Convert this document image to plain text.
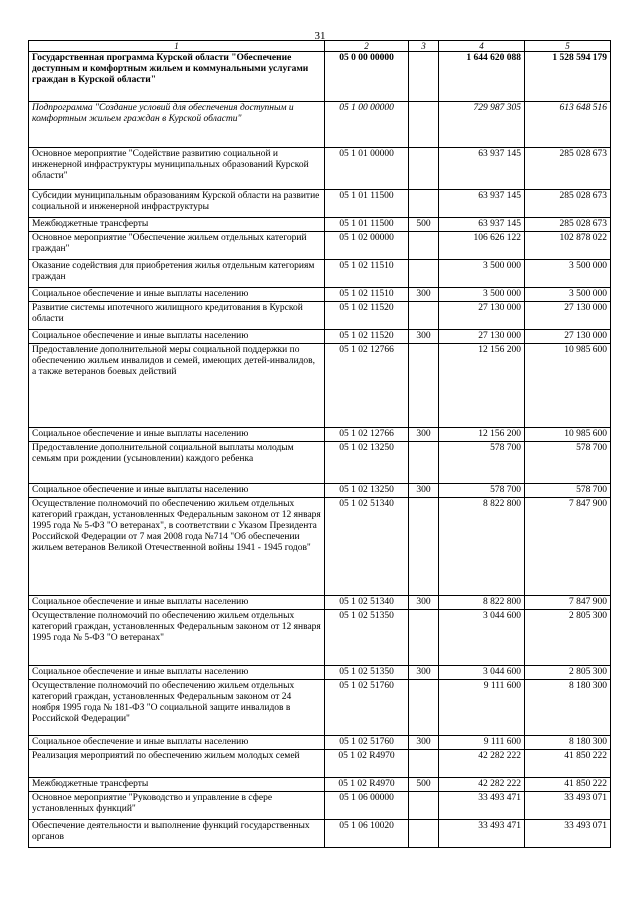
31
1	2	3	4	5
Государственная программа Курской области "Обеспечение доступным и комфортным жильем и коммунальными услугами граждан в Курской области"	05 0 00 00000		1 644 620 088	1 528 594 179
Подпрограмма "Создание условий для обеспечения доступным и комфортным жильем граждан в Курской области"	05 1 00 00000		729 987 305	613 648 516
Основное мероприятие "Содействие развитию социальной и инженерной инфраструктуры муниципальных образований Курской области"	05 1 01 00000		63 937 145	285 028 673
Субсидии муниципальным образованиям Курской области на развитие социальной и инженерной инфраструктуры	05 1 01 11500		63 937 145	285 028 673
Межбюджетные трансферты	05 1 01 11500	500	63 937 145	285 028 673
Основное мероприятие "Обеспечение жильем отдельных категорий граждан"	05 1 02 00000		106 626 122	102 878 022
Оказание содействия для приобретения жилья отдельным категориям граждан	05 1 02 11510		3 500 000	3 500 000
Социальное обеспечение и иные выплаты населению	05 1 02 11510	300	3 500 000	3 500 000
Развитие системы ипотечного жилищного кредитования в Курской области	05 1 02 11520		27 130 000	27 130 000
Социальное обеспечение и иные выплаты населению	05 1 02 11520	300	27 130 000	27 130 000
Предоставление дополнительной меры социальной поддержки по обеспечению жильем инвалидов и семей, имеющих детей-инвалидов, а также ветеранов боевых действий	05 1 02 12766		12 156 200	10 985 600
Социальное обеспечение и иные выплаты населению	05 1 02 12766	300	12 156 200	10 985 600
Предоставление дополнительной социальной выплаты молодым семьям при рождении (усыновлении) каждого ребенка	05 1 02 13250		578 700	578 700
Социальное обеспечение и иные выплаты населению	05 1 02 13250	300	578 700	578 700
Осуществление полномочий по обеспечению жильем отдельных категорий граждан, установленных Федеральным законом от 12 января 1995 года № 5-ФЗ "О ветеранах", в соответствии с Указом Президента Российской Федерации от 7 мая 2008 года №714 "Об обеспечении жильем ветеранов Великой Отечественной войны 1941 - 1945 годов"	05 1 02 51340		8 822 800	7 847 900
Социальное обеспечение и иные выплаты населению	05 1 02 51340	300	8 822 800	7 847 900
Осуществление полномочий по обеспечению жильем отдельных категорий граждан, установленных Федеральным законом от 12 января 1995 года № 5-ФЗ "О ветеранах"	05 1 02 51350		3 044 600	2 805 300
Социальное обеспечение и иные выплаты населению	05 1 02 51350	300	3 044 600	2 805 300
Осуществление полномочий по обеспечению жильем отдельных категорий граждан, установленных Федеральным законом от 24 ноября 1995 года № 181-ФЗ "О социальной защите инвалидов в Российской Федерации"	05 1 02 51760		9 111 600	8 180 300
Социальное обеспечение и иные выплаты населению	05 1 02 51760	300	9 111 600	8 180 300
Реализация мероприятий по обеспечению жильем молодых семей	05 1 02 R4970		42 282 222	41 850 222
Межбюджетные трансферты	05 1 02 R4970	500	42 282 222	41 850 222
Основное мероприятие "Руководство и управление в сфере установленных функций"	05 1 06 00000		33 493 471	33 493 071
Обеспечение деятельности и выполнение функций государственных органов	05 1 06 10020		33 493 471	33 493 071
